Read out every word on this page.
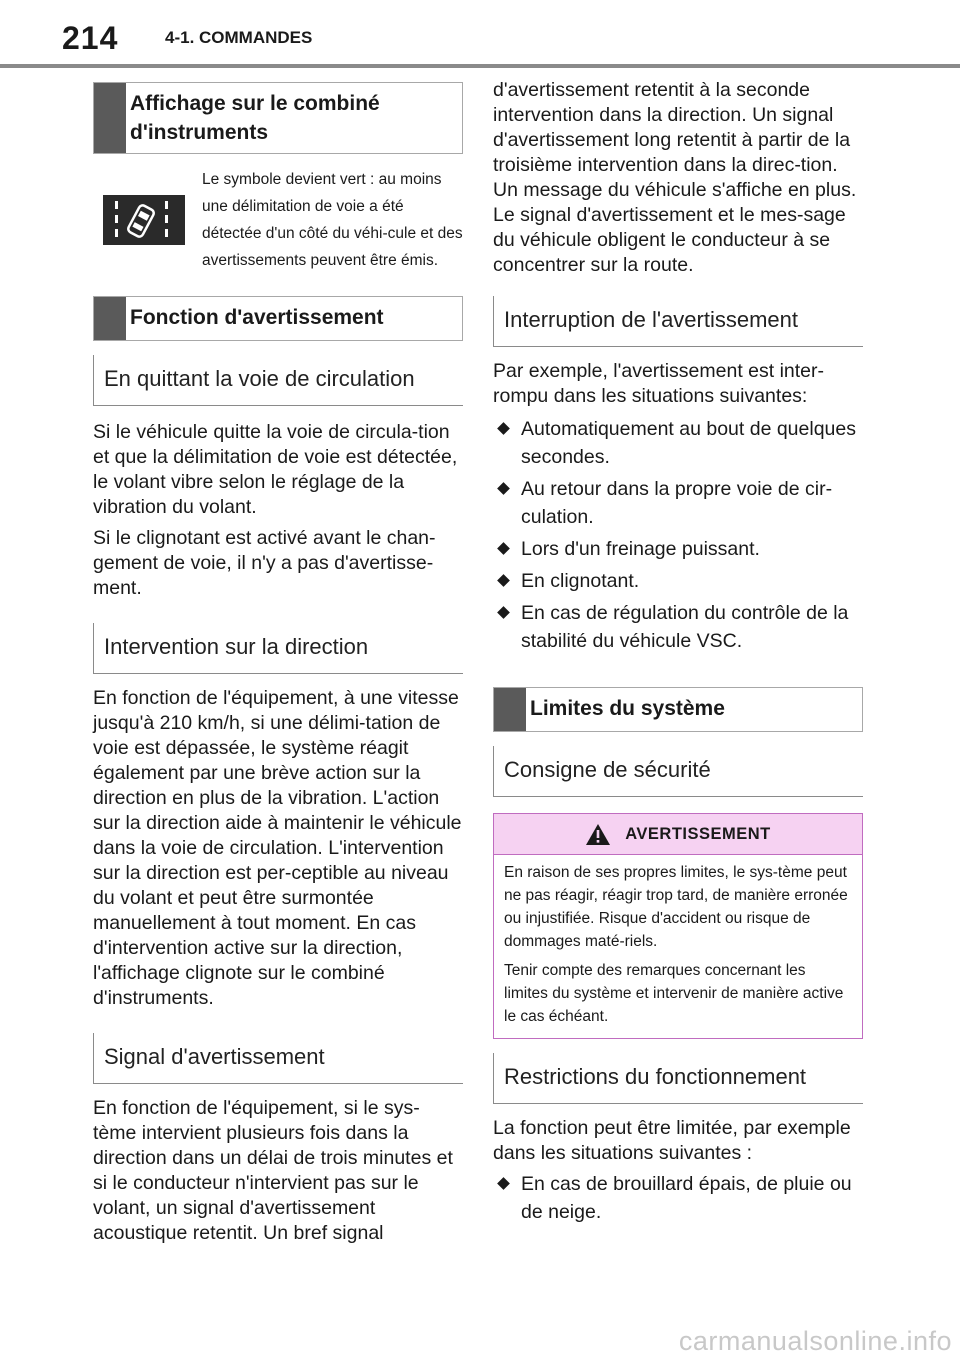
214	4-1. COMMANDES
Affichage sur le combiné d'instruments
Le symbole devient vert : au moins une délimitation de voie a été détectée d'un côté du véhi-cule et des avertissements peuvent être émis.
Fonction d'avertissement
En quittant la voie de circulation

Si le véhicule quitte la voie de circula-tion et que la délimitation de voie est détectée, le volant vibre selon le réglage de la vibration du volant.

Si le clignotant est activé avant le chan-gement de voie, il n'y a pas d'avertisse-ment.

Intervention sur la direction

En fonction de l'équipement, à une vitesse jusqu'à 210 km/h, si une délimi-tation de voie est dépassée, le système réagit également par une brève action sur la direction en plus de la vibration. L'action sur la direction aide à maintenir le véhicule dans la voie de circulation. L'intervention sur la direction est per-ceptible au niveau du volant et peut être surmontée manuellement à tout moment. En cas d'intervention active sur la direction, l'affichage clignote sur le combiné d'instruments.

Signal d'avertissement

En fonction de l'équipement, si le sys-tème intervient plusieurs fois dans la direction dans un délai de trois minutes et si le conducteur n'intervient pas sur le volant, un signal d'avertissement acoustique retentit. Un bref signal

d'avertissement retentit à la seconde intervention dans la direction. Un signal d'avertissement long retentit à partir de la troisième intervention dans la direc-tion.

Un message du véhicule s'affiche en plus.

Le signal d'avertissement et le mes-sage du véhicule obligent le conducteur à se concentrer sur la route.

Interruption de l'avertissement

Par exemple, l'avertissement est inter-rompu dans les situations suivantes:

Automatiquement au bout de quelques secondes.
Au retour dans la propre voie de cir-culation.
Lors d'un freinage puissant.
En clignotant.
En cas de régulation du contrôle de la stabilité du véhicule VSC.
Limites du système
Consigne de sécurité
AVERTISSEMENT

En raison de ses propres limites, le sys-tème peut ne pas réagir, réagir trop tard, de manière erronée ou injustifiée. Risque d'accident ou risque de dommages maté-riels.

Tenir compte des remarques concernant les limites du système et intervenir de manière active le cas échéant.

Restrictions du fonctionnement

La fonction peut être limitée, par exemple dans les situations suivantes :

En cas de brouillard épais, de pluie ou de neige.
carmanualsonline.info
